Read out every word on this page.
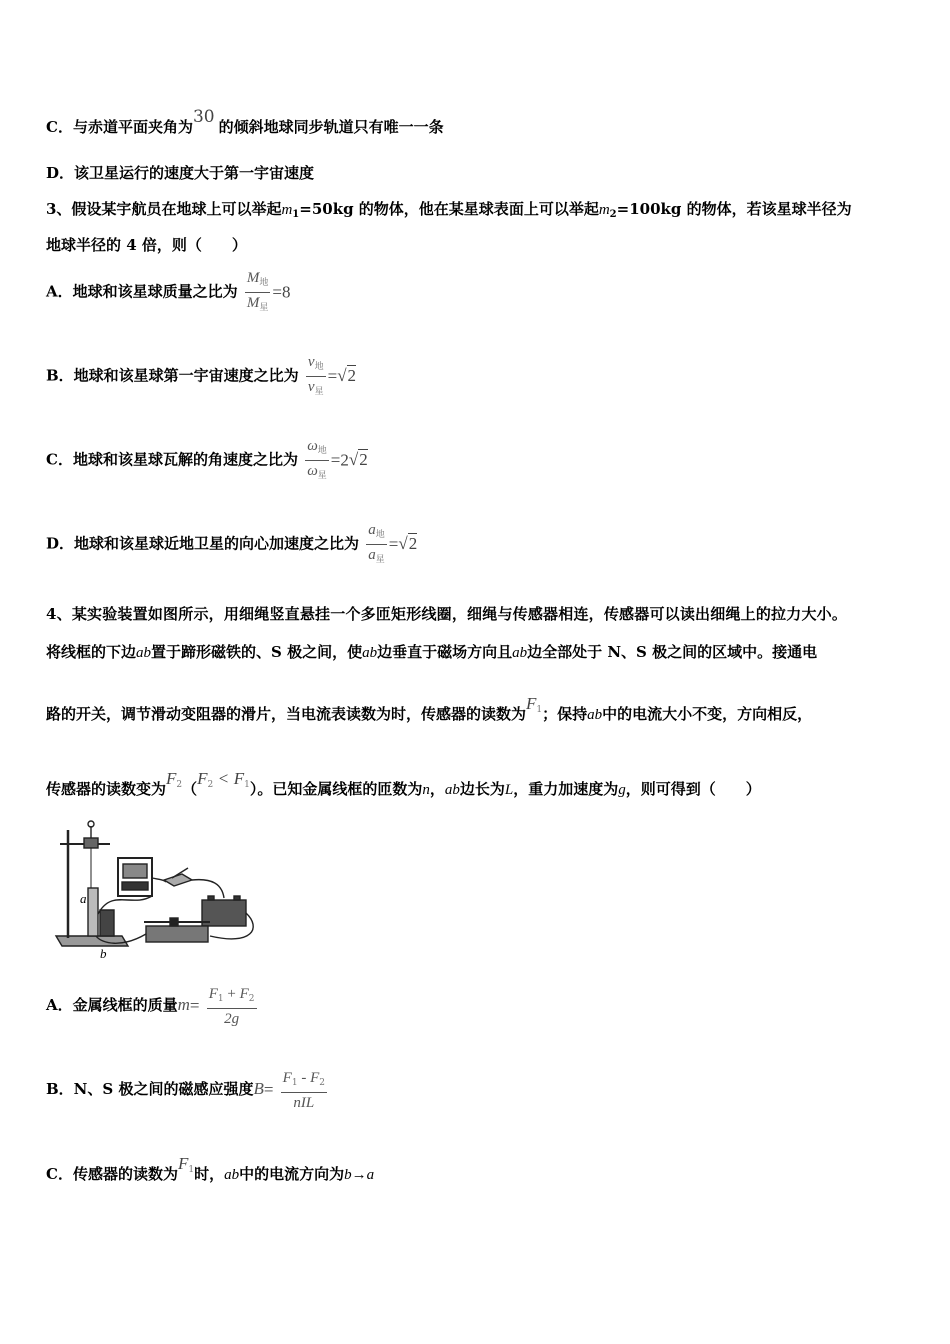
C．与赤道平面夹角为30 的倾斜地球同步轨道只有唯一一条
D．该卫星运行的速度大于第一宇宙速度
3、假设某宇航员在地球上可以举起$m_1=50kg$ 的物体，他在某星球表面上可以举起$m_2=100kg$ 的物体，若该星球半径为
地球半径的 4 倍，则（　　）
A．地球和该星球质量之比为 $\frac{M_地}{M_星} =8$
B．地球和该星球第一宇宙速度之比为 $\frac{v_地}{v_星} =√2$
C．地球和该星球瓦解的角速度之比为 $\frac{\omega_地}{\omega_星} =2√2$
D．地球和该星球近地卫星的向心加速度之比为 $\frac{a_地}{a_星} =√2$
4、某实验装置如图所示，用细绳竖直悬挂一个多匝矩形线圈，细绳与传感器相连，传感器可以读出细绳上的拉力大小。
将线框的下边ab置于蹄形磁铁的、S 极之间，使ab边垂直于磁场方向且ab边全部处于 N、S 极之间的区域中。接通电
路的开关，调节滑动变阻器的滑片，当电流表读数为时，传感器的读数为$F_1$；保持ab中的电流大小不变，方向相反，
传感器的读数变为$F_2(F_2 < F_1)$。已知金属线框的匝数为n，ab边长为L，重力加速度为g，则可得到（　　）
a
b
A．金属线框的质量$m= \frac{F_1 + F_2}{2g}$
B．N、S 极之间的磁感应强度$B= \frac{F_1 - F_2}{\text{nIL}}$
C．传感器的读数为$F_1$时，ab中的电流方向为b→a
